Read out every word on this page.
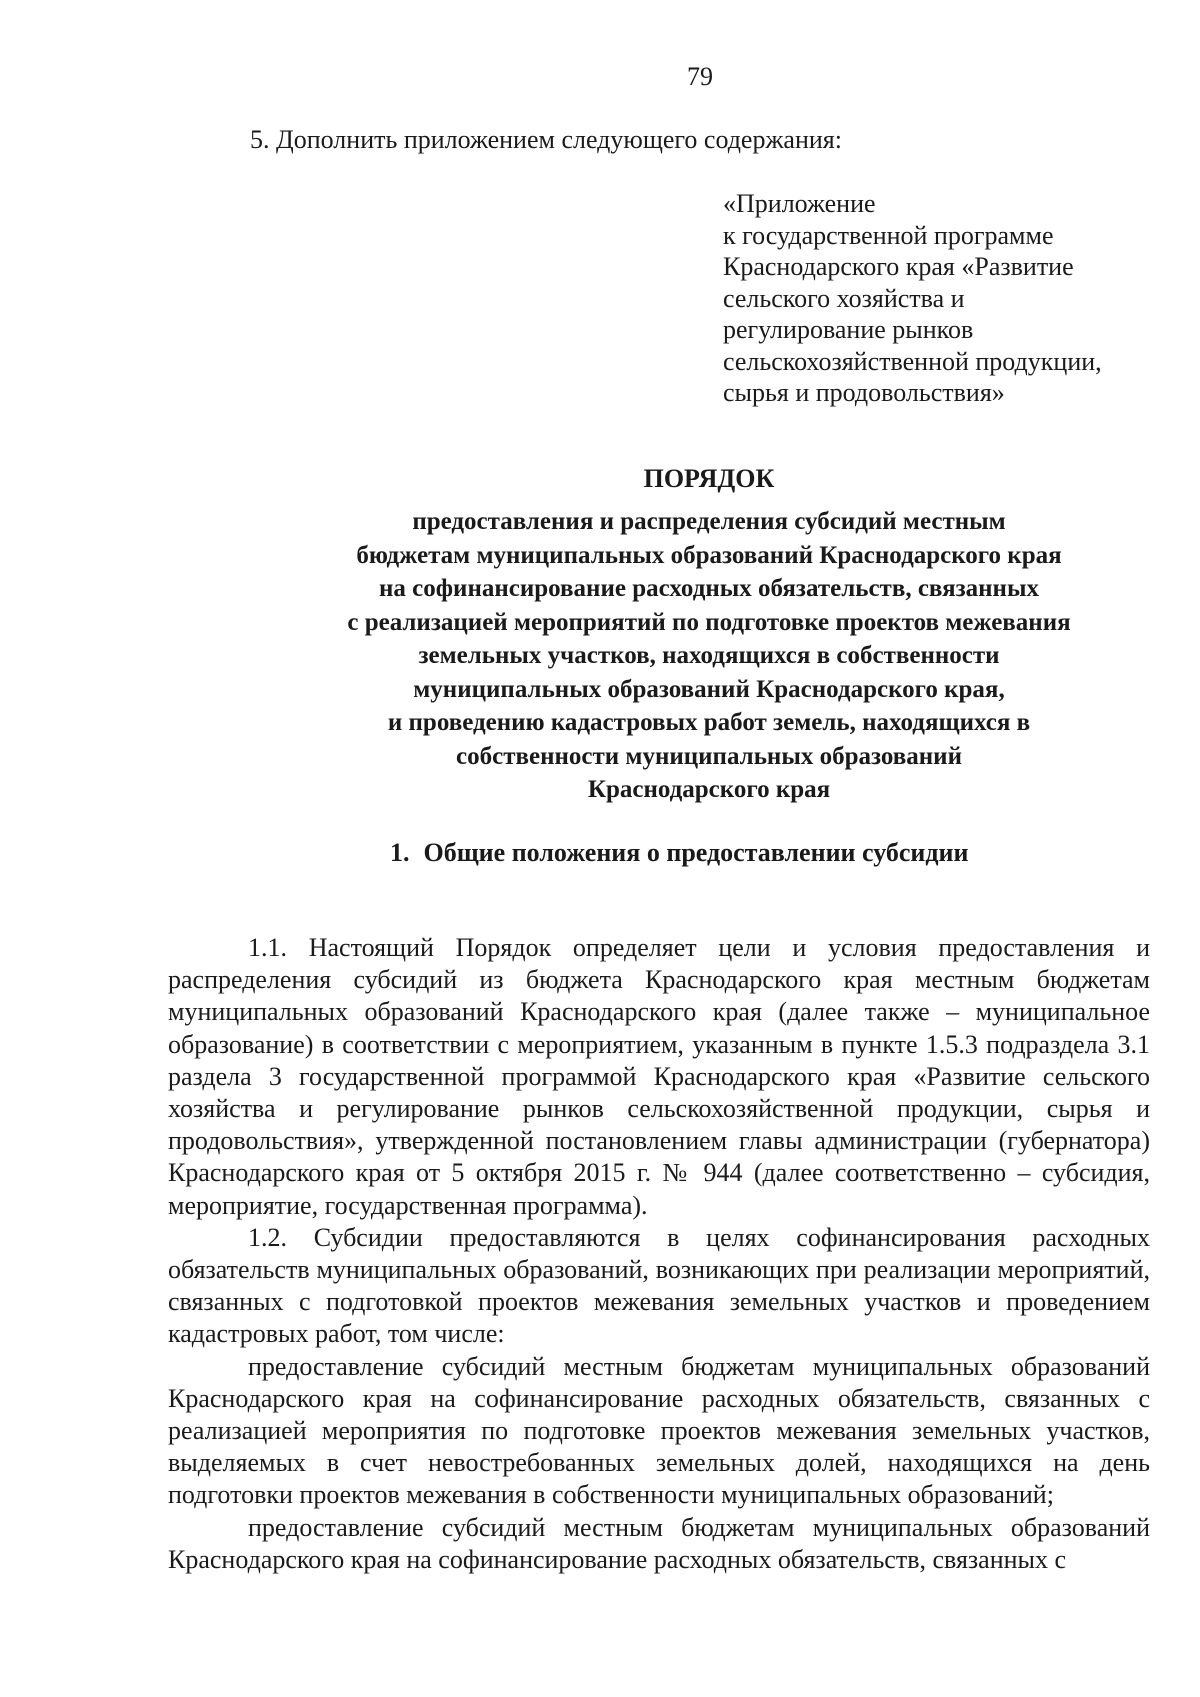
79
5. Дополнить приложением следующего содержания:
«Приложение
к государственной программе
Краснодарского края «Развитие
сельского хозяйства и
регулирование рынков
сельскохозяйственной продукции,
сырья и продовольствия»
ПОРЯДОК
предоставления и распределения субсидий местным
бюджетам муниципальных образований Краснодарского края
на софинансирование расходных обязательств, связанных
с реализацией мероприятий по подготовке проектов межевания
земельных участков, находящихся в собственности
муниципальных образований Краснодарского края,
и проведению кадастровых работ земель, находящихся в
собственности муниципальных образований
Краснодарского края
1. Общие положения о предоставлении субсидии

1.1. Настоящий Порядок определяет цели и условия предоставления и распределения субсидий из бюджета Краснодарского края местным бюджетам муниципальных образований Краснодарского края (далее также – муниципальное образование) в соответствии с мероприятием, указанным в пункте 1.5.3 подраздела 3.1 раздела 3 государственной программой Краснодарского края «Развитие сельского хозяйства и регулирование рынков сельскохозяйственной продукции, сырья и продовольствия», утвержденной постановлением главы администрации (губернатора) Краснодарского края от 5 октября 2015 г. № 944 (далее соответственно – субсидия, мероприятие, государственная программа).

1.2. Субсидии предоставляются в целях софинансирования расходных обязательств муниципальных образований, возникающих при реализации мероприятий, связанных с подготовкой проектов межевания земельных участков и проведением кадастровых работ, том числе:

предоставление субсидий местным бюджетам муниципальных образований Краснодарского края на софинансирование расходных обязательств, связанных с реализацией мероприятия по подготовке проектов межевания земельных участков, выделяемых в счет невостребованных земельных долей, находящихся на день подготовки проектов межевания в собственности муниципальных образований;

предоставление субсидий местным бюджетам муниципальных образований Краснодарского края на софинансирование расходных обязательств, связанных с
